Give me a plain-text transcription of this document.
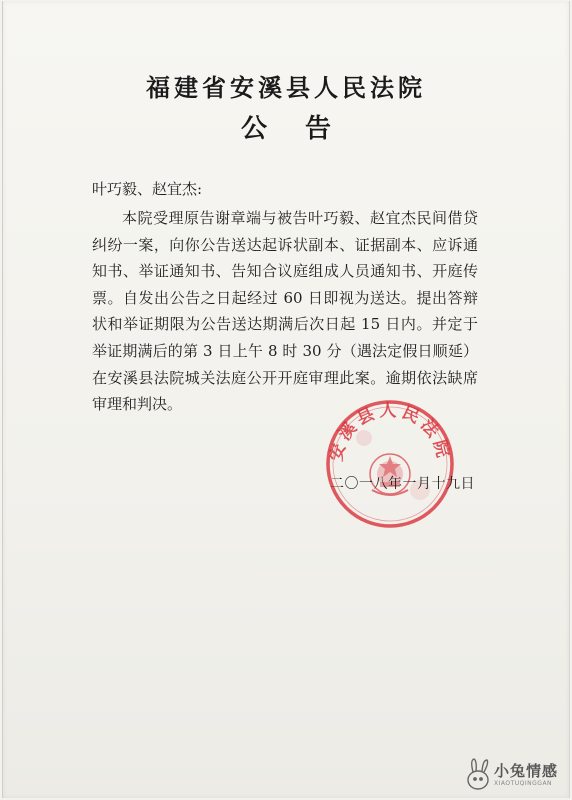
福建省安溪县人民法院
公告
叶巧毅、赵宜杰:

本院受理原告谢章端与被告叶巧毅、赵宜杰民间借贷纠纷一案，向你公告送达起诉状副本、证据副本、应诉通知书、举证通知书、告知合议庭组成人员通知书、开庭传票。自发出公告之日起经过 60 日即视为送达。提出答辩状和举证期限为公告送达期满后次日起 15 日内。并定于举证期满后的第 3 日上午 8 时 30 分（遇法定假日顺延）在安溪县法院城关法庭公开开庭审理此案。逾期依法缺席审理和判决。

安溪县人民法院
二〇一八年一月十九日
小兔情感
XIAOTUQINGGAN
